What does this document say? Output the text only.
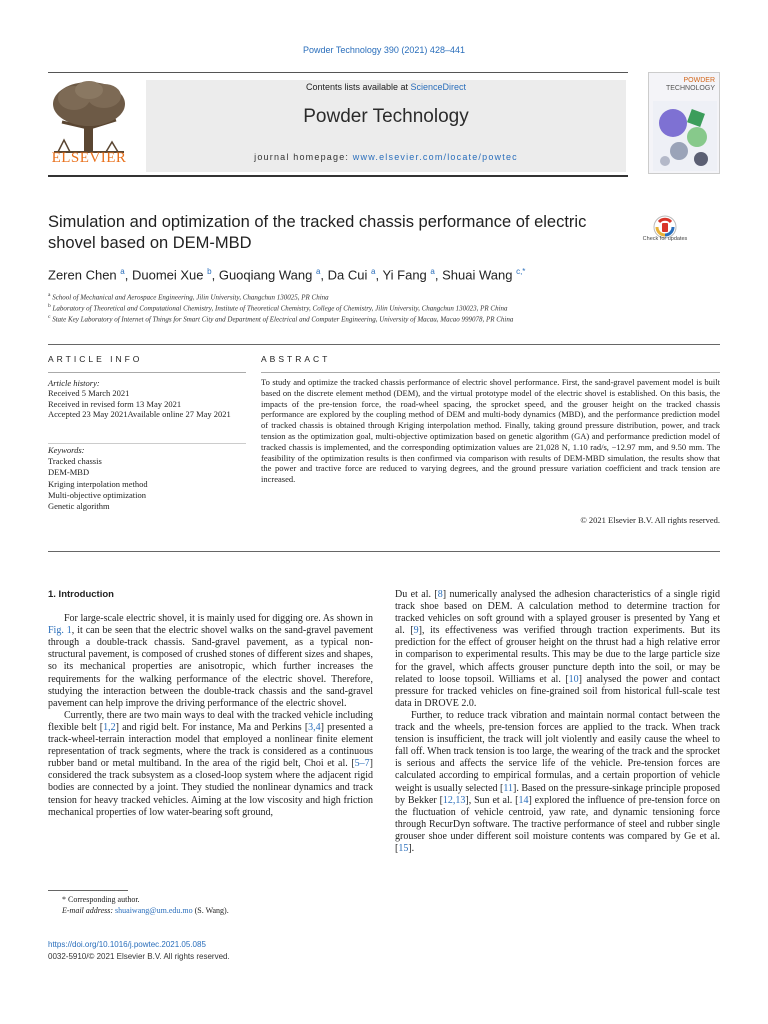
Powder Technology 390 (2021) 428–441
ELSEVIER
Contents lists available at ScienceDirect
Powder Technology
journal homepage: www.elsevier.com/locate/powtec
POWDER
TECHNOLOGY
Simulation and optimization of the tracked chassis performance of electric shovel based on DEM-MBD	Check for updates
Zeren Chen $^a$, Duomei Xue $^b$, Guoqiang Wang $^a$, Da Cui $^a$, Yi Fang $^a$, Shuai Wang $^{c,*}$
$^a$ School of Mechanical and Aerospace Engineering, Jilin University, Changchun 130025, PR China
$^b$ Laboratory of Theoretical and Computational Chemistry, Institute of Theoretical Chemistry, College of Chemistry, Jilin University, Changchun 130023, PR China
$^c$ State Key Laboratory of Internet of Things for Smart City and Department of Electrical and Computer Engineering, University of Macau, Macao 999078, PR China
ARTICLE INFO	ABSTRACT
Article history:
Received 5 March 2021
Received in revised form 13 May 2021
Accepted 23 May 2021Available online 27 May 2021
Keywords:
Tracked chassis
DEM-MBD
Kriging interpolation method
Multi-objective optimization
Genetic algorithm
To study and optimize the tracked chassis performance of electric shovel performance. First, the sand-gravel pavement model is built based on the discrete element method (DEM), and the virtual prototype model of the electric shovel is established. On this basis, the impacts of the pre-tension force, the road-wheel spacing, the sprocket speed, and the grouser height on the tracked chassis performance are explored by the coupling method of DEM and multi-body dynamics (MBD), and the performance prediction model of tracked chassis is obtained through Kriging interpolation method. Finally, taking ground pressure distribution, power, and track tension as the optimization goal, multi-objective optimization based on genetic algorithm (GA) and performance prediction model of tracked chassis is implemented, and the corresponding optimization values are 21,028 N, 1.10 rad/s, −12.97 mm, and 9.50 mm. The feasibility of the optimization results is then confirmed via comparison with results of DEM-MBD simulation, the results show that the power and tractive force are reduced to varying degrees, and the ground pressure variation coefficient and track tension are increased.
© 2021 Elsevier B.V. All rights reserved.
1. Introduction

For large-scale electric shovel, it is mainly used for digging ore. As shown in Fig. 1, it can be seen that the electric shovel walks on the sand-gravel pavement through a double-track chassis. Sand-gravel pavement, as a typical non-structural pavement, is composed of crushed stones of different sizes and shapes, so its mechanical properties are anisotropic, which further increases the requirements for the walking performance of the electric shovel. Therefore, studying the interaction between the double-track chassis and the sand-gravel pavement can help improve the driving performance of the electric shovel.

Currently, there are two main ways to deal with the tracked vehicle including flexible belt [1,2] and rigid belt. For instance, Ma and Perkins [3,4] presented a track-wheel-terrain interaction model that employed a nonlinear finite element representation of track segments, where the track is considered as a continuous rubber band or metal multiband. In the area of the rigid belt, Choi et al. [5–7] considered the track subsystem as a closed-loop system where the adjacent rigid bodies are connected by a joint. They studied the nonlinear dynamics and track tension for heavy tracked vehicles. Aiming at the low viscosity and high friction mechanical properties of low water-bearing soft ground,

Du et al. [8] numerically analysed the adhesion characteristics of a single rigid track shoe based on DEM. A calculation method to determine traction for tracked vehicles on soft ground with a splayed grouser is presented by Yang et al. [9], its effectiveness was verified through traction experiments. But its prediction for the effect of grouser height on the thrust had a high relative error in comparison to experimental results. This may be due to the large particle size for the gravel, which affects grouser puncture depth into the soil, or may be related to loose topsoil. Williams et al. [10] analysed the power and contact pressure for tracked vehicles on fine-grained soil from historical full-scale test data in DROVE 2.0.

Further, to reduce track vibration and maintain normal contact between the track and the wheels, pre-tension forces are applied to the track. When track tension is insufficient, the track will jolt violently and easily cause the wheel to fall off. When track tension is too large, the wearing of the track and the sprocket is serious and affects the service life of the vehicle. Pre-tension forces are calculated according to empirical formulas, and a certain proportion of vehicle weight is usually selected [11]. Based on the pressure-sinkage principle proposed by Bekker [12,13], Sun et al. [14] explored the influence of pre-tension force on the fluctuation of vehicle centroid, yaw rate, and dynamic tensioning force through RecurDyn software. The tractive performance of steel and rubber single grouser shoe under different soil moisture contents was compared by Ge et al. [15].

* Corresponding author.
E-mail address: shuaiwang@um.edu.mo (S. Wang).
https://doi.org/10.1016/j.powtec.2021.05.085
0032-5910/© 2021 Elsevier B.V. All rights reserved.
